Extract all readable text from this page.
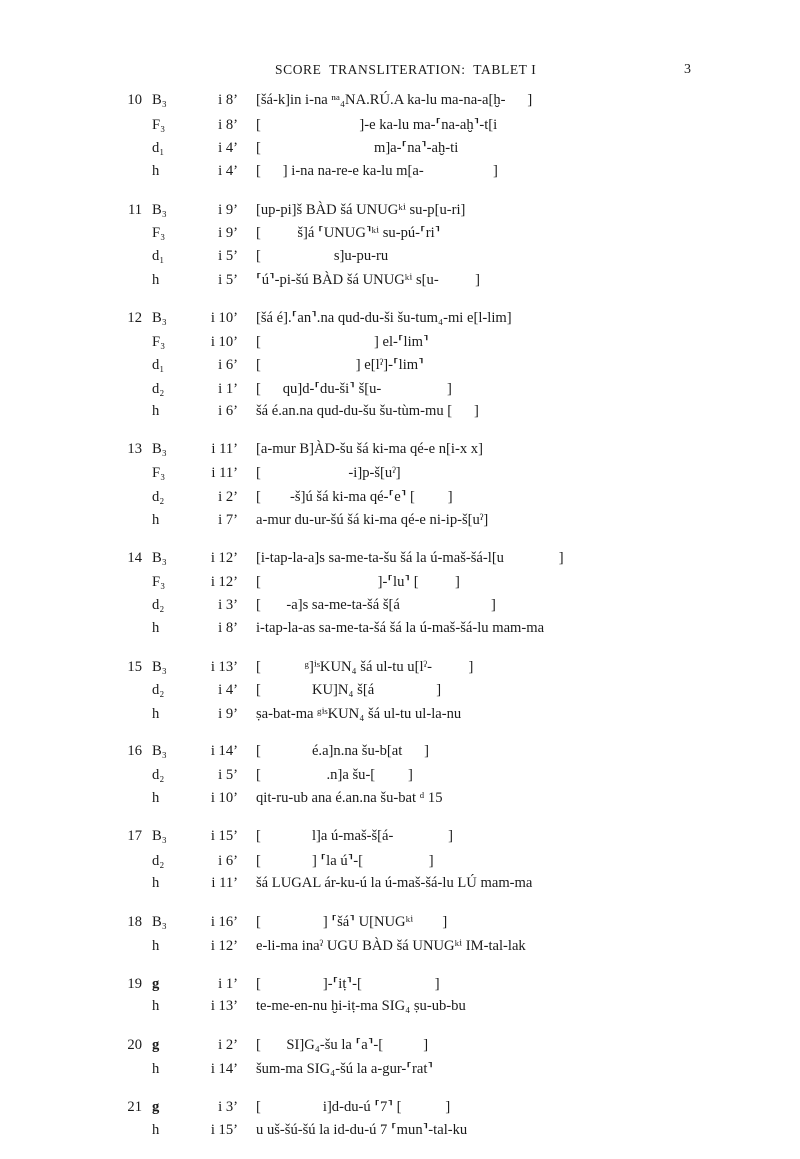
SCORE  TRANSLITERATION:  TABLET I	3
10 B₃	i 8’	[šá-k]in i-na ⁿᵃ₄NA.RÚ.A ka-lu ma-na-a[ḫ-      ]
F₃	i 8’	[                           ]-e ka-lu ma-⸢na-aḫ⸣-t[i
d₁	i 4’	[                               m]a-⸢na⸣-aḫ-ti
h	i 4’	[      ] i-na na-re-e ka-lu m[a-                   ]
11 B₃	i 9’	[up-pi]š BÀD šá UNUGᵏⁱ su-p[u-ri]
F₃	i 9’	[          š]á ⸢UNUG⸣ᵏⁱ su-pú-⸢ri⸣
d₁	i 5’	[                    s]u-pu-ru
h	i 5’	⸢ú⸣-pi-šú BÀD šá UNUGᵏⁱ s[u-          ]
12 B₃	i 10’	[šá é].⸢an⸣.na qud-du-ši šu-tum₄-mi e[l-lim]
F₃	i 10’	[                               ] el-⸢lim⸣
d₁	i 6’	[                          ] e[lˀ]-⸢lim⸣
d₂	i 1’	[      qu]d-⸢du-ši⸣ š[u-                  ]
h	i 6’	šá é.an.na qud-du-šu šu-tùm-mu [      ]
13 B₃	i 11’	[a-mur B]ÀD-šu šá ki-ma qé-e n[i-x x]
F₃	i 11’	[                        -i]p-š[uˀ]
d₂	i 2’	[        -š]ú šá ki-ma qé-⸢e⸣ [         ]
h	i 7’	a-mur du-ur-šú šá ki-ma qé-e ni-ip-š[uˀ]
14 B₃	i 12’	[i-tap-la-a]s sa-me-ta-šu šá la ú-maš-šá-l[u               ]
F₃	i 12’	[                                ]-⸢lu⸣ [          ]
d₂	i 3’	[       -a]s sa-me-ta-šá š[á                         ]
h	i 8’	i-tap-la-as sa-me-ta-šá šá la ú-maš-šá-lu mam-ma
15 B₃	i 13’	[            ᵍ]ⁱˢKUN₄ šá ul-tu u[lˀ-          ]
d₂	i 4’	[              KU]N₄ š[á                 ]
h	i 9’	ṣa-bat-ma ᵍⁱˢKUN₄ šá ul-tu ul-la-nu
16 B₃	i 14’	[              é.a]n.na šu-b[at      ]
d₂	i 5’	[                  .n]a šu-[         ]
h	i 10’	qit-ru-ub ana é.an.na šu-bat ᵈ 15
17 B₃	i 15’	[              l]a ú-maš-š[á-               ]
d₂	i 6’	[              ] ⸢la ú⸣-[                  ]
h	i 11’	šá LUGAL ár-ku-ú la ú-maš-šá-lu LÚ mam-ma
18 B₃	i 16’	[                 ] ⸢šá⸣ U[NUGᵏⁱ        ]
h	i 12’	e-li-ma inaˀ UGU BÀD šá UNUGᵏⁱ IM-tal-lak
19 g	i 1’	[                 ]-⸢iṭ⸣-[                    ]
h	i 13’	te-me-en-nu ḫi-iṭ-ma SIG₄ ṣu-ub-bu
20 g	i 2’	[       SI]G₄-šu la ⸢a⸣-[           ]
h	i 14’	šum-ma SIG₄-šú la a-gur-⸢rat⸣
21 g	i 3’	[                 i]d-du-ú ⸢7⸣ [            ]
h	i 15’	u uš-šú-šú la id-du-ú 7 ⸢mun⸣-tal-ku
